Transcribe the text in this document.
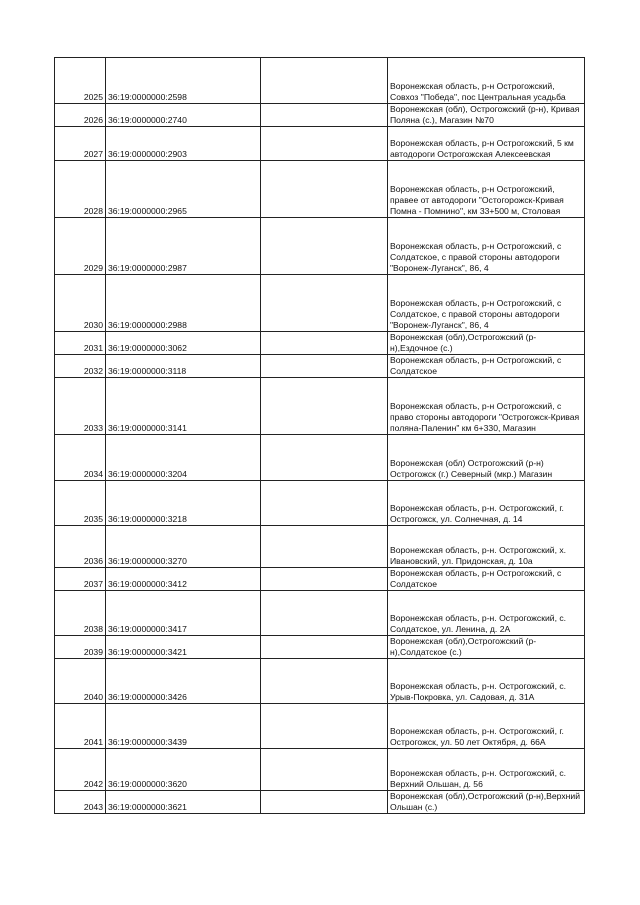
2025	36:19:0000000:2598		Воронежская область, р-н Острогожский, Совхоз "Победа", пос Центральная усадьба
2026	36:19:0000000:2740		Воронежская (обл), Острогожский (р-н), Кривая Поляна (с.), Магазин №70
2027	36:19:0000000:2903		Воронежская область, р-н Острогожский, 5 км автодороги Острогожская Алексеевская
2028	36:19:0000000:2965		Воронежская область, р-н Острогожский, правее от автодороги "Остогорожск-Кривая Помна - Помнино", км 33+500 м, Столовая
2029	36:19:0000000:2987		Воронежская область, р-н Острогожский, с Солдатское, с правой стороны автодороги "Воронеж-Луганск", 86, 4
2030	36:19:0000000:2988		Воронежская область, р-н Острогожский, с Солдатское, с правой стороны автодороги "Воронеж-Луганск", 86, 4
2031	36:19:0000000:3062		Воронежская (обл),Острогожский (р-н),Ездочное (с.)
2032	36:19:0000000:3118		Воронежская область, р-н Острогожский, с Солдатское
2033	36:19:0000000:3141		Воронежская область, р-н Острогожский, с право стороны автодороги "Острогожск-Кривая поляна-Паленин" км 6+330, Магазин
2034	36:19:0000000:3204		Воронежская (обл) Острогожский (р-н) Острогожск (г.) Северный (мкр.) Магазин
2035	36:19:0000000:3218		Воронежская область, р-н. Острогожский, г. Острогожск, ул. Солнечная, д. 14
2036	36:19:0000000:3270		Воронежская область, р-н. Острогожский, х. Ивановский, ул. Придонская, д. 10а
2037	36:19:0000000:3412		Воронежская область, р-н Острогожский, с Солдатское
2038	36:19:0000000:3417		Воронежская область, р-н. Острогожский, с. Солдатское, ул. Ленина, д. 2А
2039	36:19:0000000:3421		Воронежская (обл),Острогожский (р-н),Солдатское (с.)
2040	36:19:0000000:3426		Воронежская область, р-н. Острогожский, с. Урыв-Покровка, ул. Садовая, д. 31А
2041	36:19:0000000:3439		Воронежская область, р-н. Острогожский, г. Острогожск, ул. 50 лет Октября, д. 66А
2042	36:19:0000000:3620		Воронежская область, р-н. Острогожский, с. Верхний Ольшан, д. 56
2043	36:19:0000000:3621		Воронежская (обл),Острогожский (р-н),Верхний Ольшан (с.)
